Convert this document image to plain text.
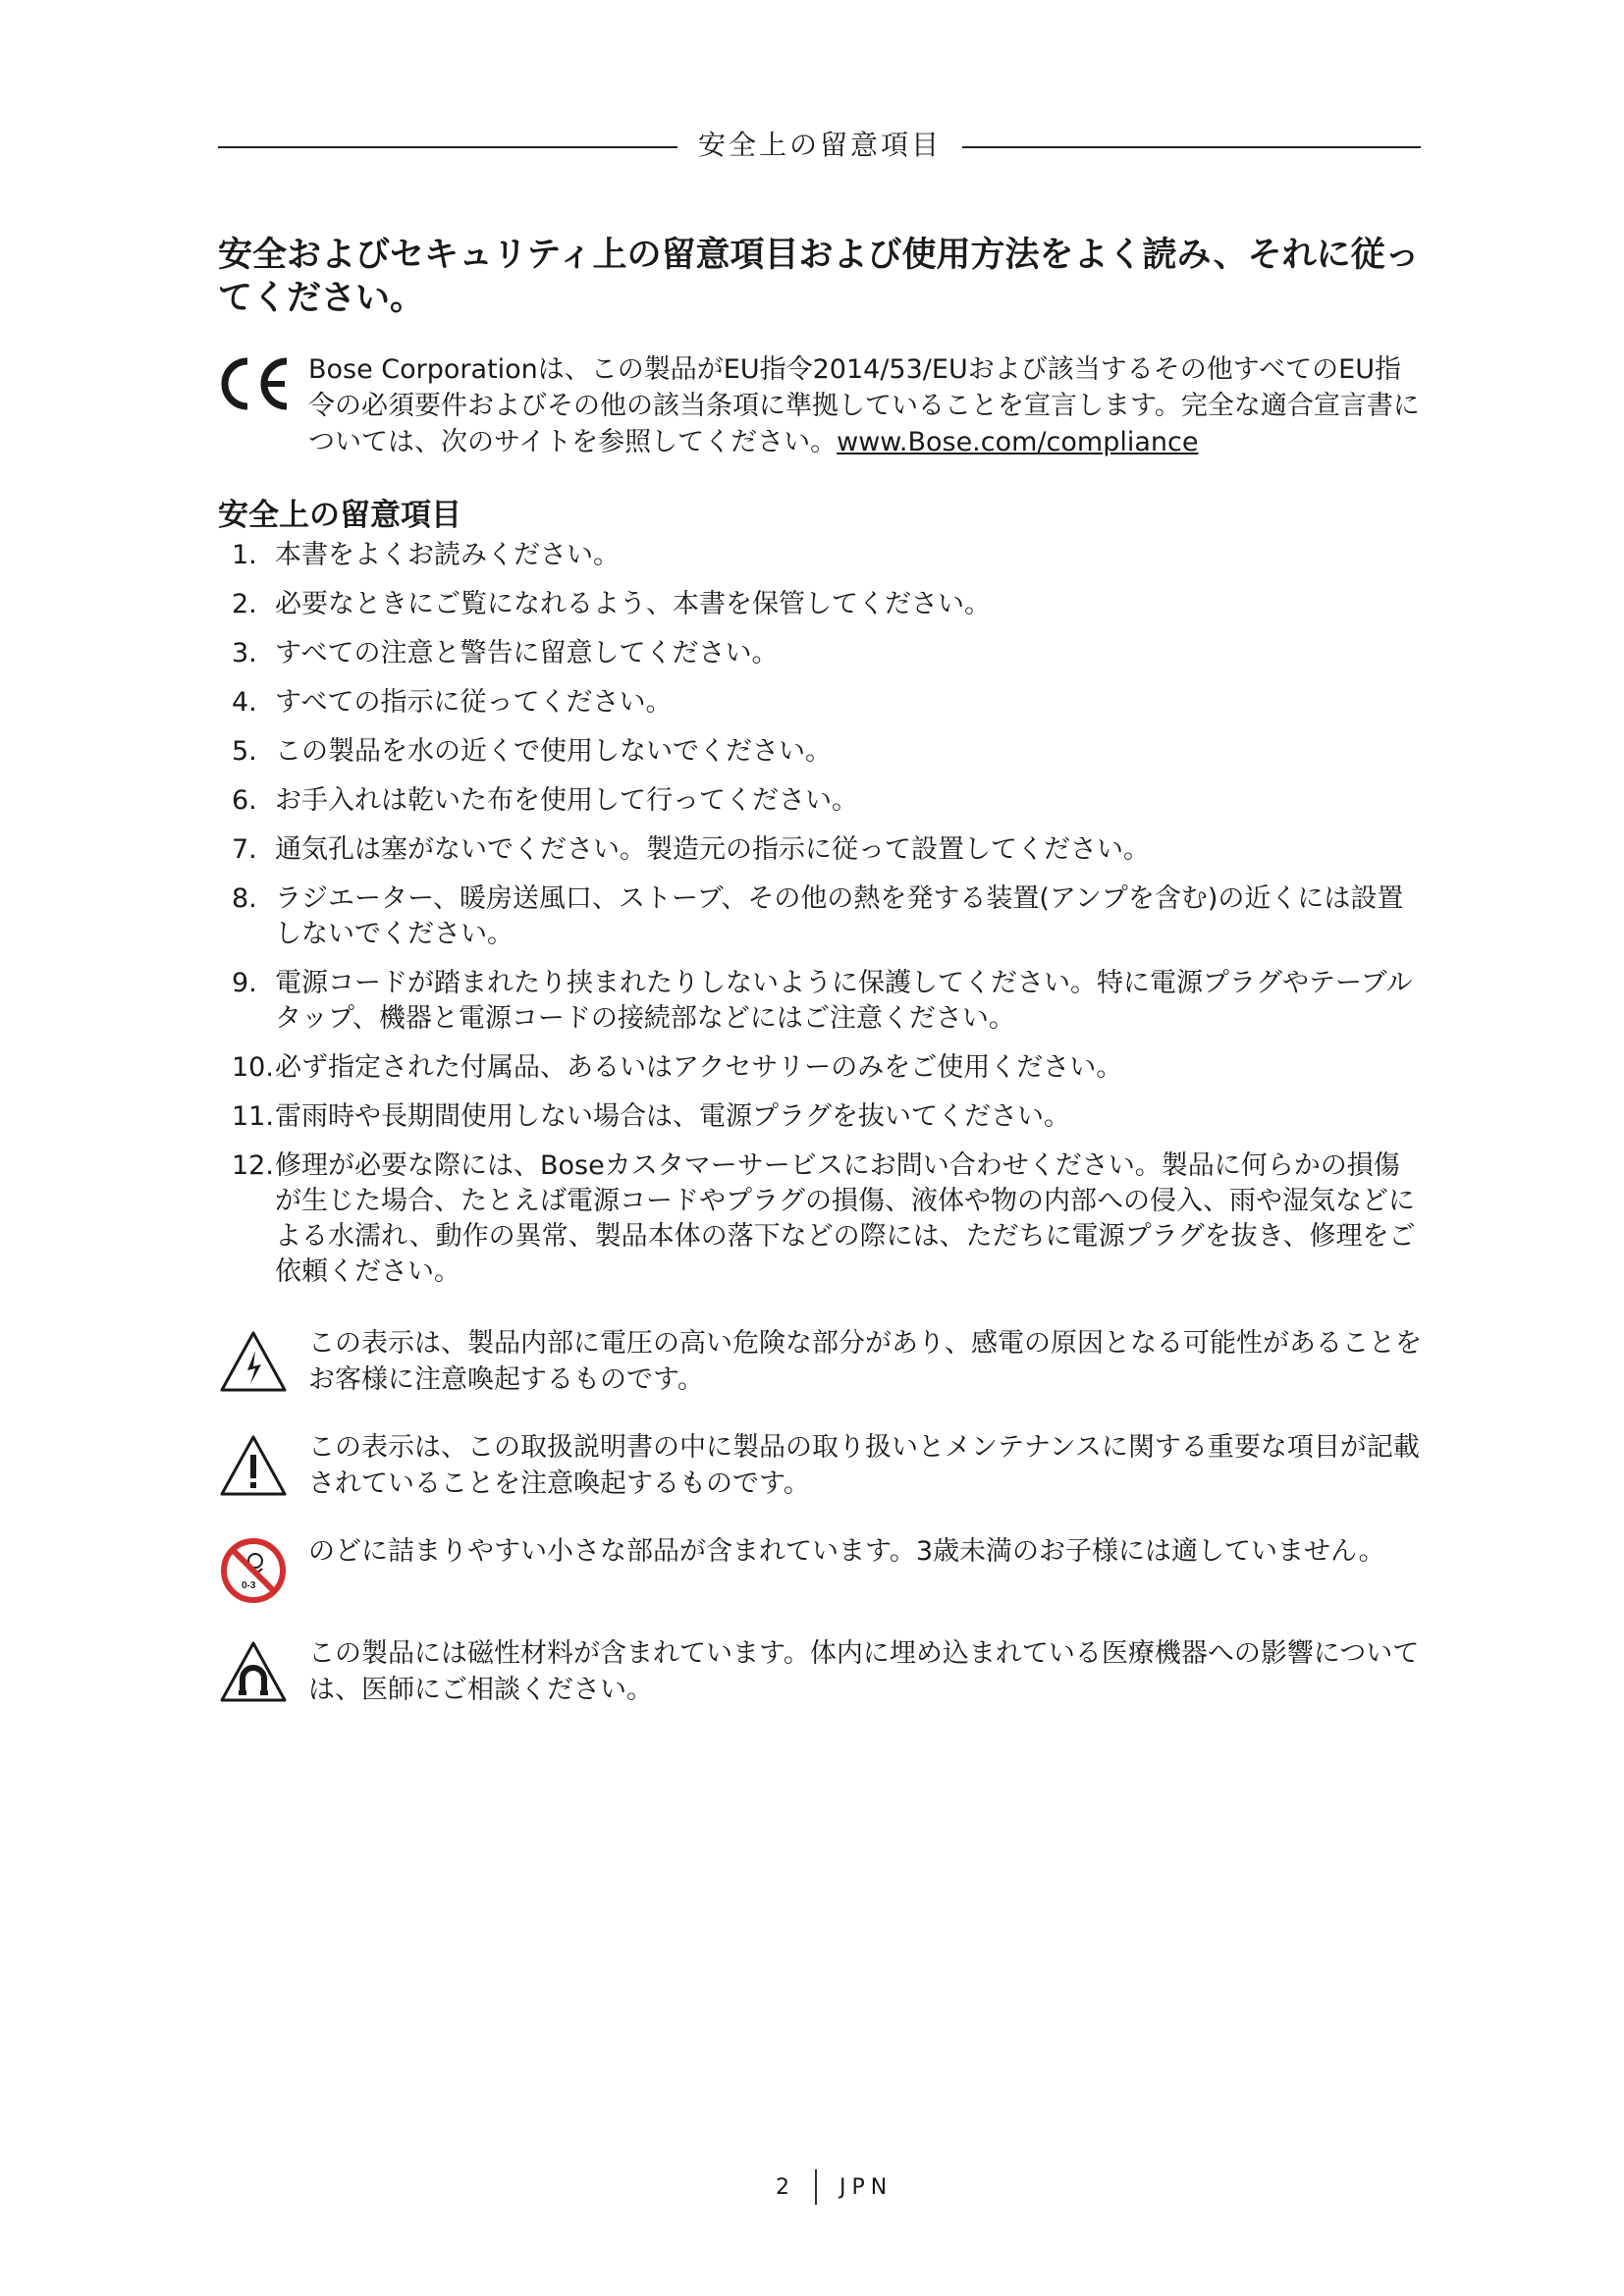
安全上の留意項目
安全およびセキュリティ上の留意項目および使用方法をよく読み、それに従ってください。
Bose Corporationは、この製品がEU指令2014/53/EUおよび該当するその他すべてのEU指令の必須要件およびその他の該当条項に準拠していることを宣言します。完全な適合宣言書については、次のサイトを参照してください。www.Bose.com/compliance
安全上の留意項目
1. 本書をよくお読みください。
2. 必要なときにご覧になれるよう、本書を保管してください。
3. すべての注意と警告に留意してください。
4. すべての指示に従ってください。
5. この製品を水の近くで使用しないでください。
6. お手入れは乾いた布を使用して行ってください。
7. 通気孔は塞がないでください。製造元の指示に従って設置してください。
8. ラジエーター、暖房送風口、ストーブ、その他の熱を発する装置(アンプを含む)の近くには設置しないでください。
9. 電源コードが踏まれたり挟まれたりしないように保護してください。特に電源プラグやテーブルタップ、機器と電源コードの接続部などにはご注意ください。
10. 必ず指定された付属品、あるいはアクセサリーのみをご使用ください。
11. 雷雨時や長期間使用しない場合は、電源プラグを抜いてください。
12. 修理が必要な際には、Boseカスタマーサービスにお問い合わせください。製品に何らかの損傷が生じた場合、たとえば電源コードやプラグの損傷、液体や物の内部への侵入、雨や湿気などによる水濡れ、動作の異常、製品本体の落下などの際には、ただちに電源プラグを抜き、修理をご依頼ください。
この表示は、製品内部に電圧の高い危険な部分があり、感電の原因となる可能性があることをお客様に注意喚起するものです。
この表示は、この取扱説明書の中に製品の取り扱いとメンテナンスに関する重要な項目が記載されていることを注意喚起するものです。
0-3
のどに詰まりやすい小さな部品が含まれています。3歳未満のお子様には適していません。
この製品には磁性材料が含まれています。体内に埋め込まれている医療機器への影響については、医師にご相談ください。
2 JPN
